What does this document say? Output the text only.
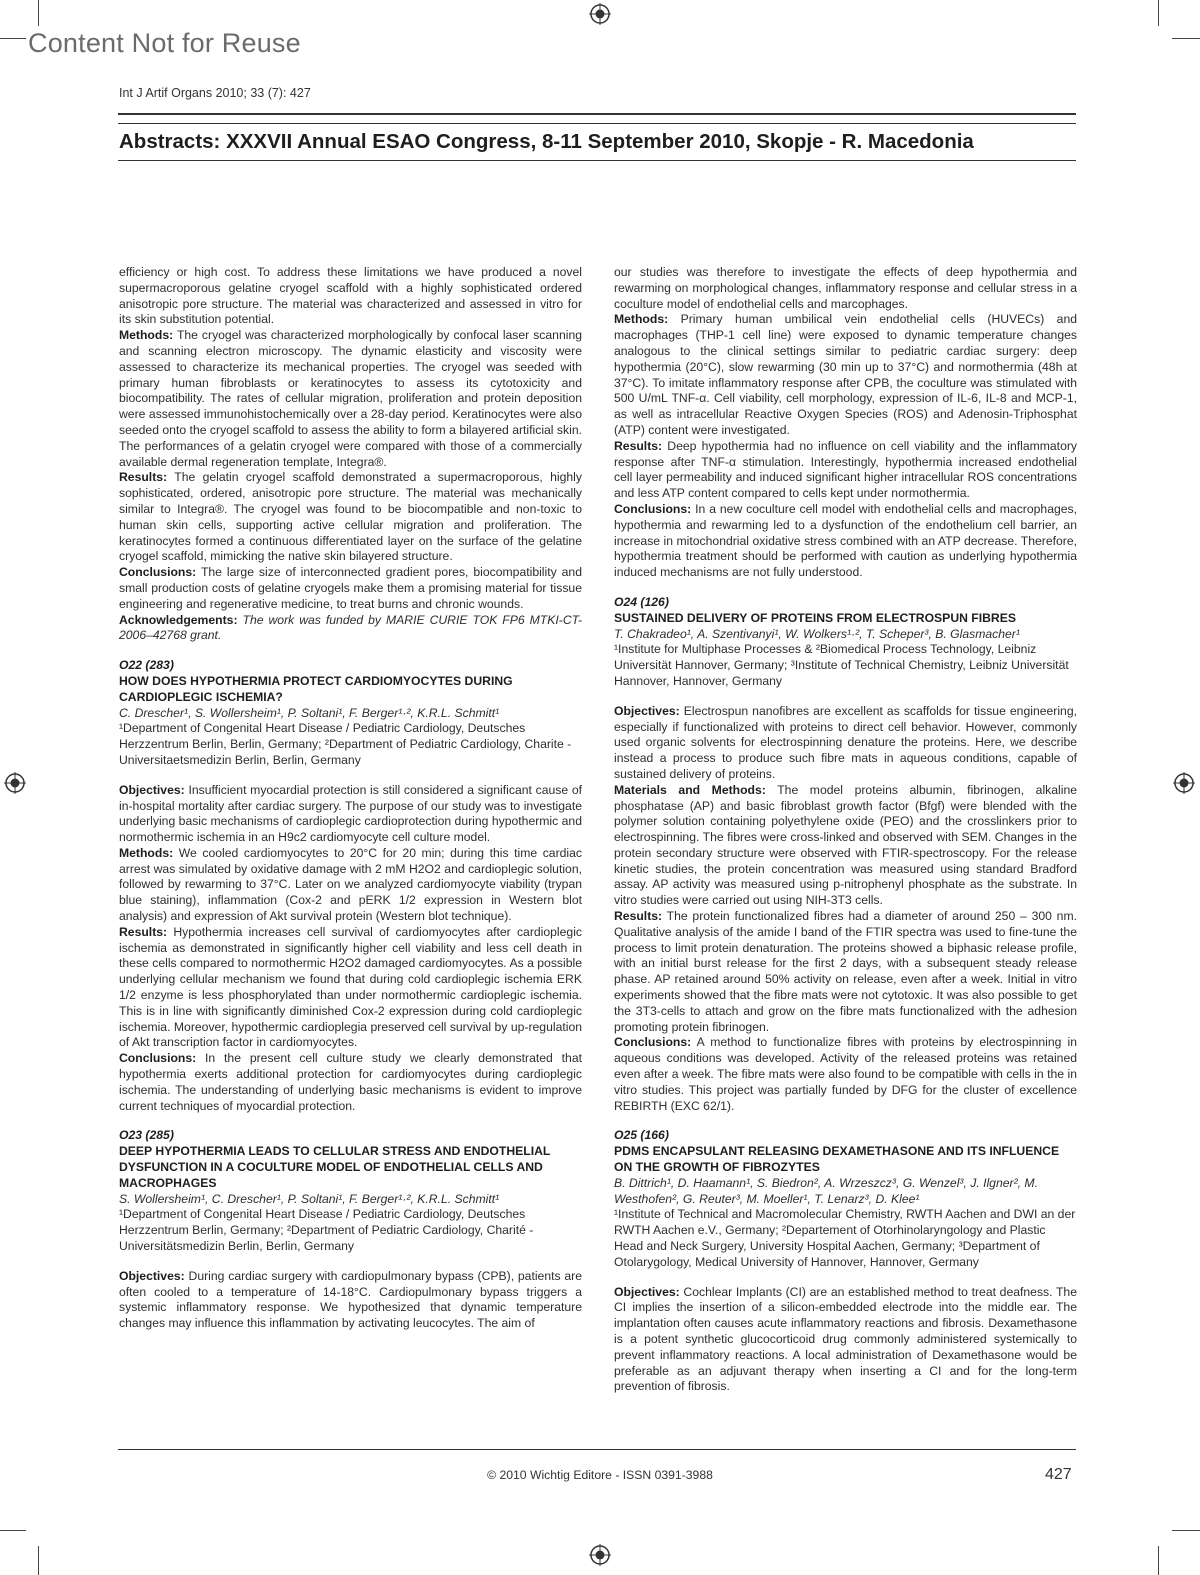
Content Not for Reuse
Int J Artif Organs 2010; 33 (7): 427
Abstracts: XXXVII Annual ESAO Congress, 8-11 September 2010, Skopje - R. Macedonia

efficiency or high cost. To address these limitations we have produced a novel supermacroporous gelatine cryogel scaffold with a highly sophisticated ordered anisotropic pore structure. The material was characterized and assessed in vitro for its skin substitution potential.

Methods: The cryogel was characterized morphologically by confocal laser scanning and scanning electron microscopy. The dynamic elasticity and viscosity were assessed to characterize its mechanical properties. The cryogel was seeded with primary human fibroblasts or keratinocytes to assess its cytotoxicity and biocompatibility. The rates of cellular migration, proliferation and protein deposition were assessed immunohistochemically over a 28-day period. Keratinocytes were also seeded onto the cryogel scaffold to assess the ability to form a bilayered artificial skin. The performances of a gelatin cryogel were compared with those of a commercially available dermal regeneration template, Integra®.

Results: The gelatin cryogel scaffold demonstrated a supermacroporous, highly sophisticated, ordered, anisotropic pore structure. The material was mechanically similar to Integra®. The cryogel was found to be biocompatible and non-toxic to human skin cells, supporting active cellular migration and proliferation. The keratinocytes formed a continuous differentiated layer on the surface of the gelatine cryogel scaffold, mimicking the native skin bilayered structure.

Conclusions: The large size of interconnected gradient pores, biocompatibility and small production costs of gelatine cryogels make them a promising material for tissue engineering and regenerative medicine, to treat burns and chronic wounds.

Acknowledgements: The work was funded by MARIE CURIE TOK FP6 MTKI-CT-2006–42768 grant.

O22 (283)

HOW DOES HYPOTHERMIA PROTECT CARDIOMYOCYTES DURING CARDIOPLEGIC ISCHEMIA?

C. Drescher¹, S. Wollersheim¹, P. Soltani¹, F. Berger¹·², K.R.L. Schmitt¹

¹Department of Congenital Heart Disease / Pediatric Cardiology, Deutsches Herzzentrum Berlin, Berlin, Germany; ²Department of Pediatric Cardiology, Charite - Universitaetsmedizin Berlin, Berlin, Germany

Objectives: Insufficient myocardial protection is still considered a significant cause of in-hospital mortality after cardiac surgery. The purpose of our study was to investigate underlying basic mechanisms of cardioplegic cardioprotection during hypothermic and normothermic ischemia in an H9c2 cardiomyocyte cell culture model.

Methods: We cooled cardiomyocytes to 20°C for 20 min; during this time cardiac arrest was simulated by oxidative damage with 2 mM H2O2 and cardioplegic solution, followed by rewarming to 37°C. Later on we analyzed cardiomyocyte viability (trypan blue staining), inflammation (Cox-2 and pERK 1/2 expression in Western blot analysis) and expression of Akt survival protein (Western blot technique).

Results: Hypothermia increases cell survival of cardiomyocytes after cardioplegic ischemia as demonstrated in significantly higher cell viability and less cell death in these cells compared to normothermic H2O2 damaged cardiomyocytes. As a possible underlying cellular mechanism we found that during cold cardioplegic ischemia ERK 1/2 enzyme is less phosphorylated than under normothermic cardioplegic ischemia. This is in line with significantly diminished Cox-2 expression during cold cardioplegic ischemia. Moreover, hypothermic cardioplegia preserved cell survival by up-regulation of Akt transcription factor in cardiomyocytes.

Conclusions: In the present cell culture study we clearly demonstrated that hypothermia exerts additional protection for cardiomyocytes during cardioplegic ischemia. The understanding of underlying basic mechanisms is evident to improve current techniques of myocardial protection.

O23 (285)

DEEP HYPOTHERMIA LEADS TO CELLULAR STRESS AND ENDOTHELIAL DYSFUNCTION IN A COCULTURE MODEL OF ENDOTHELIAL CELLS AND MACROPHAGES

S. Wollersheim¹, C. Drescher¹, P. Soltani¹, F. Berger¹·², K.R.L. Schmitt¹

¹Department of Congenital Heart Disease / Pediatric Cardiology, Deutsches Herzzentrum Berlin, Germany; ²Department of Pediatric Cardiology, Charité - Universitätsmedizin Berlin, Berlin, Germany

Objectives: During cardiac surgery with cardiopulmonary bypass (CPB), patients are often cooled to a temperature of 14-18°C. Cardiopulmonary bypass triggers a systemic inflammatory response. We hypothesized that dynamic temperature changes may influence this inflammation by activating leucocytes. The aim of

our studies was therefore to investigate the effects of deep hypothermia and rewarming on morphological changes, inflammatory response and cellular stress in a coculture model of endothelial cells and marcophages.

Methods: Primary human umbilical vein endothelial cells (HUVECs) and macrophages (THP-1 cell line) were exposed to dynamic temperature changes analogous to the clinical settings similar to pediatric cardiac surgery: deep hypothermia (20°C), slow rewarming (30 min up to 37°C) and normothermia (48h at 37°C). To imitate inflammatory response after CPB, the coculture was stimulated with 500 U/mL TNF-α. Cell viability, cell morphology, expression of IL-6, IL-8 and MCP-1, as well as intracellular Reactive Oxygen Species (ROS) and Adenosin-Triphosphat (ATP) content were investigated.

Results: Deep hypothermia had no influence on cell viability and the inflammatory response after TNF-α stimulation. Interestingly, hypothermia increased endothelial cell layer permeability and induced significant higher intracellular ROS concentrations and less ATP content compared to cells kept under normothermia.

Conclusions: In a new coculture cell model with endothelial cells and macrophages, hypothermia and rewarming led to a dysfunction of the endothelium cell barrier, an increase in mitochondrial oxidative stress combined with an ATP decrease. Therefore, hypothermia treatment should be performed with caution as underlying hypothermia induced mechanisms are not fully understood.

O24 (126)

SUSTAINED DELIVERY OF PROTEINS FROM ELECTROSPUN FIBRES

T. Chakradeo¹, A. Szentivanyi¹, W. Wolkers¹·², T. Scheper³, B. Glasmacher¹

¹Institute for Multiphase Processes & ²Biomedical Process Technology, Leibniz Universität Hannover, Germany; ³Institute of Technical Chemistry, Leibniz Universität Hannover, Hannover, Germany

Objectives: Electrospun nanofibres are excellent as scaffolds for tissue engineering, especially if functionalized with proteins to direct cell behavior. However, commonly used organic solvents for electrospinning denature the proteins. Here, we describe instead a process to produce such fibre mats in aqueous conditions, capable of sustained delivery of proteins.

Materials and Methods: The model proteins albumin, fibrinogen, alkaline phosphatase (AP) and basic fibroblast growth factor (Bfgf) were blended with the polymer solution containing polyethylene oxide (PEO) and the crosslinkers prior to electrospinning. The fibres were cross-linked and observed with SEM. Changes in the protein secondary structure were observed with FTIR-spectroscopy. For the release kinetic studies, the protein concentration was measured using standard Bradford assay. AP activity was measured using p-nitrophenyl phosphate as the substrate. In vitro studies were carried out using NIH-3T3 cells.

Results: The protein functionalized fibres had a diameter of around 250 – 300 nm. Qualitative analysis of the amide I band of the FTIR spectra was used to fine-tune the process to limit protein denaturation. The proteins showed a biphasic release profile, with an initial burst release for the first 2 days, with a subsequent steady release phase. AP retained around 50% activity on release, even after a week. Initial in vitro experiments showed that the fibre mats were not cytotoxic. It was also possible to get the 3T3-cells to attach and grow on the fibre mats functionalized with the adhesion promoting protein fibrinogen.

Conclusions: A method to functionalize fibres with proteins by electrospinning in aqueous conditions was developed. Activity of the released proteins was retained even after a week. The fibre mats were also found to be compatible with cells in the in vitro studies. This project was partially funded by DFG for the cluster of excellence REBIRTH (EXC 62/1).

O25 (166)

PDMS ENCAPSULANT RELEASING DEXAMETHASONE AND ITS INFLUENCE ON THE GROWTH OF FIBROZYTES

B. Dittrich¹, D. Haamann¹, S. Biedron², A. Wrzeszcz³, G. Wenzel³, J. Ilgner², M. Westhofen², G. Reuter³, M. Moeller¹, T. Lenarz³, D. Klee¹

¹Institute of Technical and Macromolecular Chemistry, RWTH Aachen and DWI an der RWTH Aachen e.V., Germany; ²Departement of Otorhinolaryngology and Plastic Head and Neck Surgery, University Hospital Aachen, Germany; ³Department of Otolarygology, Medical University of Hannover, Hannover, Germany

Objectives: Cochlear Implants (CI) are an established method to treat deafness. The CI implies the insertion of a silicon-embedded electrode into the middle ear. The implantation often causes acute inflammatory reactions and fibrosis. Dexamethasone is a potent synthetic glucocorticoid drug commonly administered systemically to prevent inflammatory reactions. A local administration of Dexamethasone would be preferable as an adjuvant therapy when inserting a CI and for the long-term prevention of fibrosis.

© 2010 Wichtig Editore - ISSN 0391-3988	427
